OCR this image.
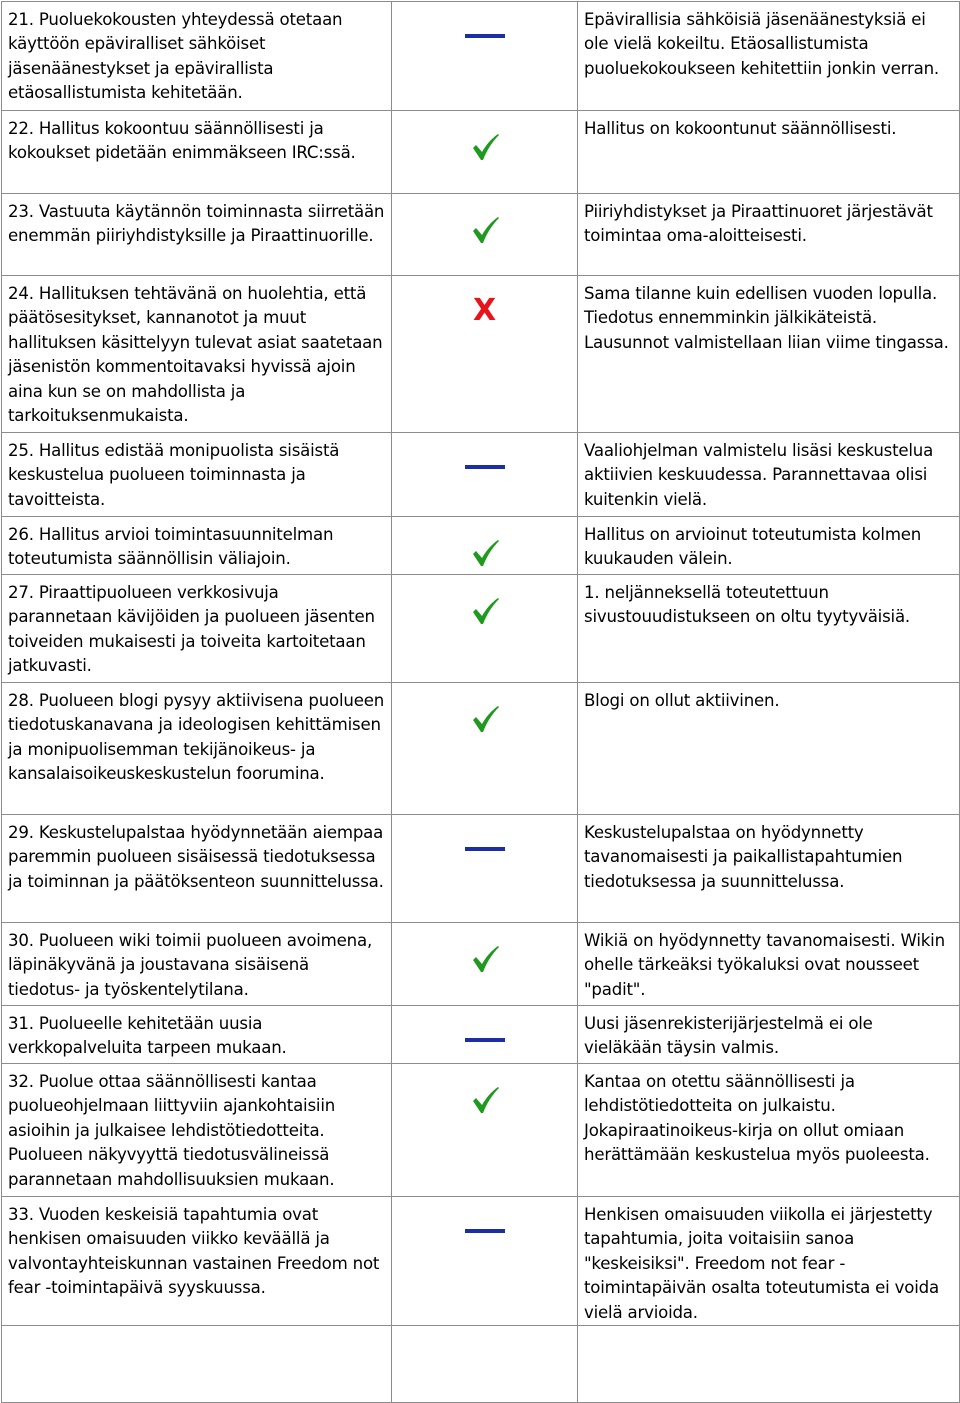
21. Puoluekokousten yhteydessä otetaan käyttöön epäviralliset sähköiset jäsenäänestykset ja epävirallista etäosallistumista kehitetään.		Epävirallisia sähköisiä jäsenäänestyksiä ei ole vielä kokeiltu. Etäosallistumista puoluekokoukseen kehitettiin jonkin verran.
22. Hallitus kokoontuu säännöllisesti ja kokoukset pidetään enimmäkseen IRC:ssä.		Hallitus on kokoontunut säännöllisesti.
23. Vastuuta käytännön toiminnasta siirretään enemmän piiriyhdistyksille ja Piraattinuorille.		Piiriyhdistykset ja Piraattinuoret järjestävät toimintaa oma-aloitteisesti.
24. Hallituksen tehtävänä on huolehtia, että päätösesitykset, kannanotot ja muut hallituksen käsittelyyn tulevat asiat saatetaan jäsenistön kommentoitavaksi hyvissä ajoin aina kun se on mahdollista ja tarkoituksenmukaista.	X	Sama tilanne kuin edellisen vuoden lopulla. Tiedotus ennemminkin jälkikäteistä. Lausunnot valmistellaan liian viime tingassa.
25. Hallitus edistää monipuolista sisäistä keskustelua puolueen toiminnasta ja tavoitteista.		Vaaliohjelman valmistelu lisäsi keskustelua aktiivien keskuudessa. Parannettavaa olisi kuitenkin vielä.
26. Hallitus arvioi toimintasuunnitelman toteutumista säännöllisin väliajoin.		Hallitus on arvioinut toteutumista kolmen kuukauden välein.
27. Piraattipuolueen verkkosivuja parannetaan kävijöiden ja puolueen jäsenten toiveiden mukaisesti ja toiveita kartoitetaan jatkuvasti.		1. neljänneksellä toteutettuun sivustouudistukseen on oltu tyytyväisiä.
28. Puolueen blogi pysyy aktiivisena puolueen tiedotuskanavana ja ideologisen kehittämisen ja monipuolisemman tekijänoikeus- ja kansalaisoikeuskeskustelun foorumina.		Blogi on ollut aktiivinen.
29. Keskustelupalstaa hyödynnetään aiempaa paremmin puolueen sisäisessä tiedotuksessa ja toiminnan ja päätöksenteon suunnittelussa.		Keskustelupalstaa on hyödynnetty tavanomaisesti ja paikallistapahtumien tiedotuksessa ja suunnittelussa.
30. Puolueen wiki toimii puolueen avoimena, läpinäkyvänä ja joustavana sisäisenä tiedotus- ja työskentelytilana.		Wikiä on hyödynnetty tavanomaisesti. Wikin ohelle tärkeäksi työkaluksi ovat nousseet "padit".
31. Puolueelle kehitetään uusia verkkopalveluita tarpeen mukaan.		Uusi jäsenrekisterijärjestelmä ei ole vieläkään täysin valmis.
32. Puolue ottaa säännöllisesti kantaa puolueohjelmaan liittyviin ajankohtaisiin asioihin ja julkaisee lehdistötiedotteita. Puolueen näkyvyyttä tiedotusvälineissä parannetaan mahdollisuuksien mukaan.		Kantaa on otettu säännöllisesti ja lehdistötiedotteita on julkaistu. Jokapiraatinoikeus-kirja on ollut omiaan herättämään keskustelua myös puoleesta.
33. Vuoden keskeisiä tapahtumia ovat henkisen omaisuuden viikko keväällä ja valvontayhteiskunnan vastainen Freedom not fear -toimintapäivä syyskuussa.		Henkisen omaisuuden viikolla ei järjestetty tapahtumia, joita voitaisiin sanoa "keskeisiksi". Freedom not fear -toimintapäivän osalta toteutumista ei voida vielä arvioida.
